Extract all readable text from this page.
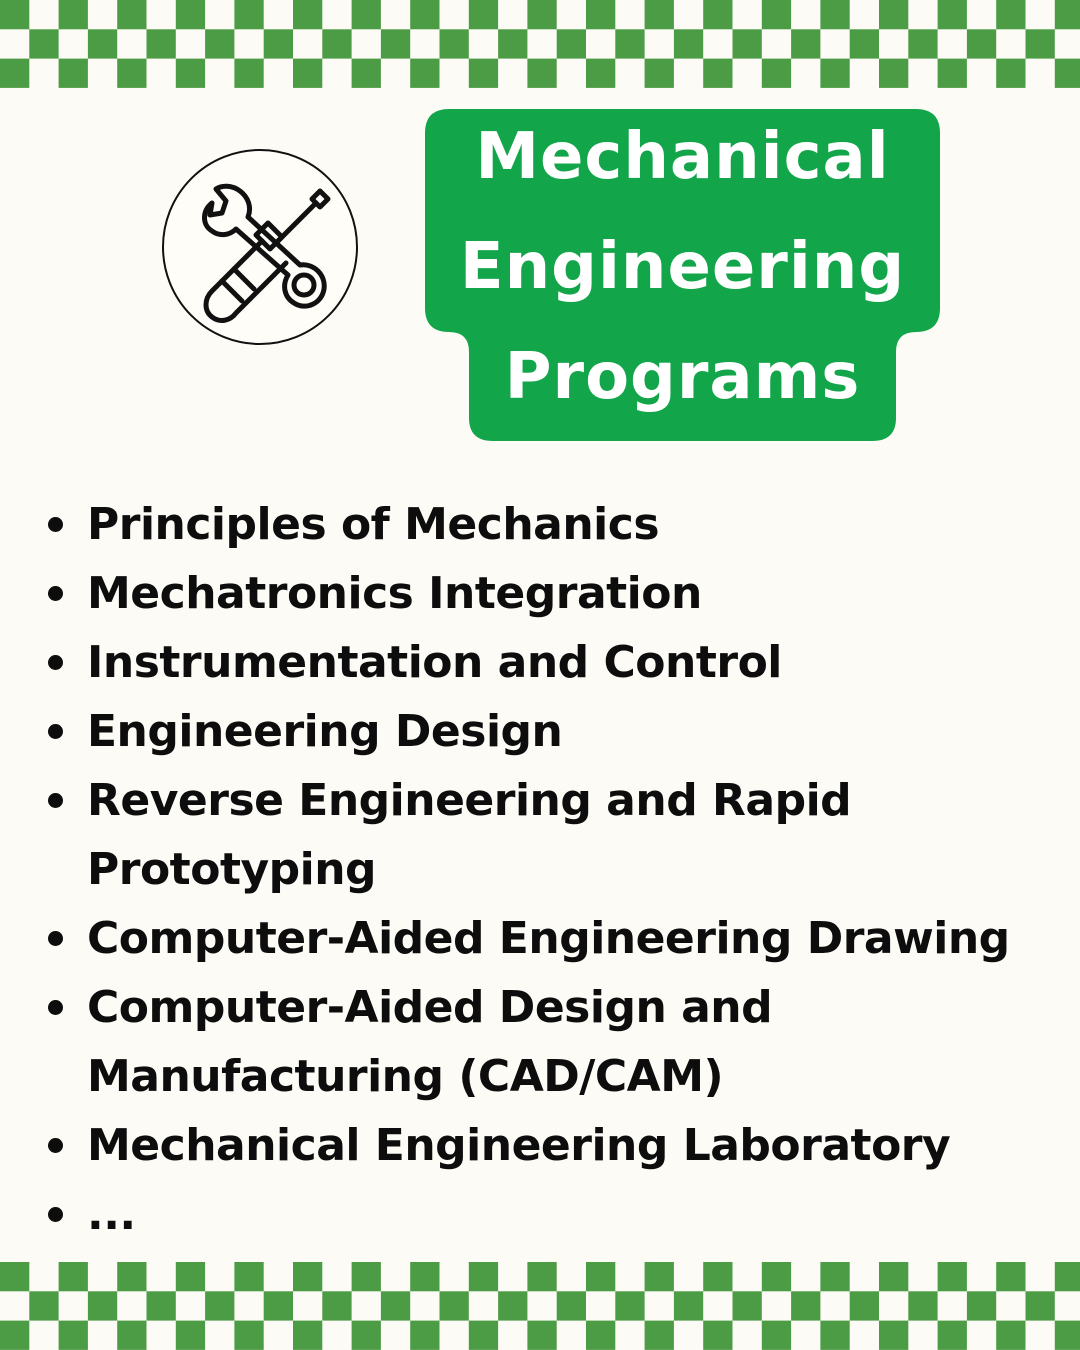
Mechanical
Engineering
Programs
Principles of Mechanics
Mechatronics Integration
Instrumentation and Control
Engineering Design
Reverse Engineering and Rapid
Prototyping
Computer-Aided Engineering Drawing
Computer-Aided Design and
Manufacturing (CAD/CAM)
Mechanical Engineering Laboratory
...
